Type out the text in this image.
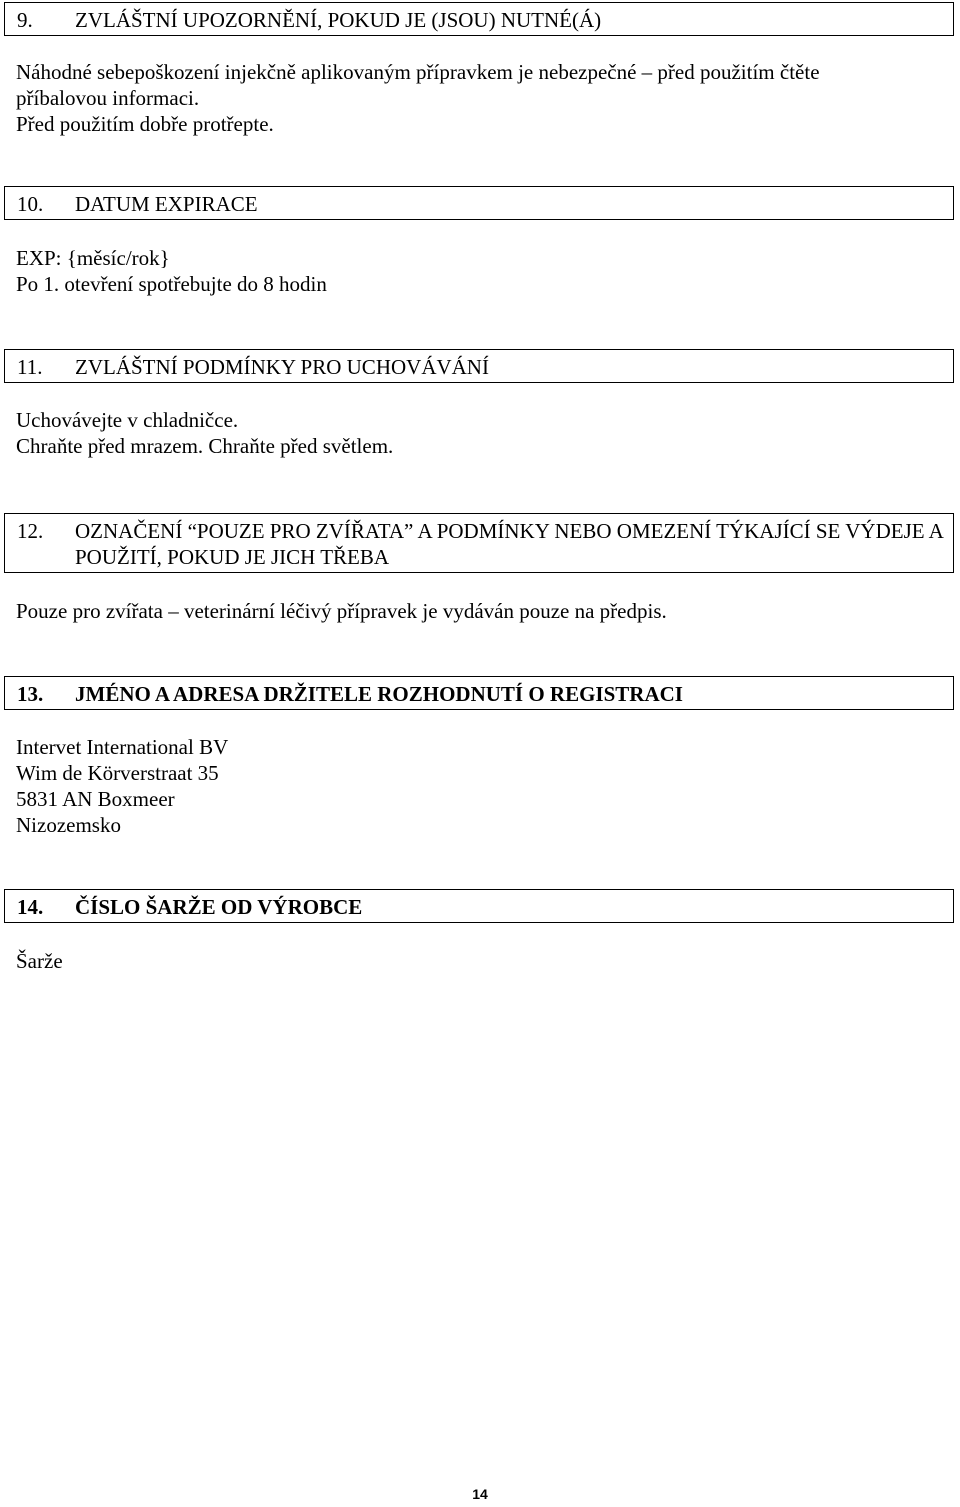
9.	ZVLÁŠTNÍ UPOZORNĚNÍ, POKUD JE (JSOU) NUTNÉ(Á)
Náhodné sebepoškození injekčně aplikovaným přípravkem je nebezpečné – před použitím čtěte
příbalovou informaci.
Před použitím dobře protřepte.
10.	DATUM EXPIRACE
EXP: {měsíc/rok}
Po 1. otevření spotřebujte do 8 hodin
11.	ZVLÁŠTNÍ PODMÍNKY PRO UCHOVÁVÁNÍ
Uchovávejte v chladničce.
Chraňte před mrazem. Chraňte před světlem.
12.	OZNAČENÍ “POUZE PRO ZVÍŘATA” A PODMÍNKY NEBO OMEZENÍ TÝKAJÍCÍ SE VÝDEJE A POUŽITÍ, POKUD JE JICH TŘEBA
Pouze pro zvířata – veterinární léčivý přípravek je vydáván pouze na předpis.
13.	JMÉNO A ADRESA DRŽITELE ROZHODNUTÍ O REGISTRACI
Intervet International BV
Wim de Körverstraat 35
5831 AN Boxmeer
Nizozemsko
14.	ČÍSLO ŠARŽE OD VÝROBCE
Šarže
14
